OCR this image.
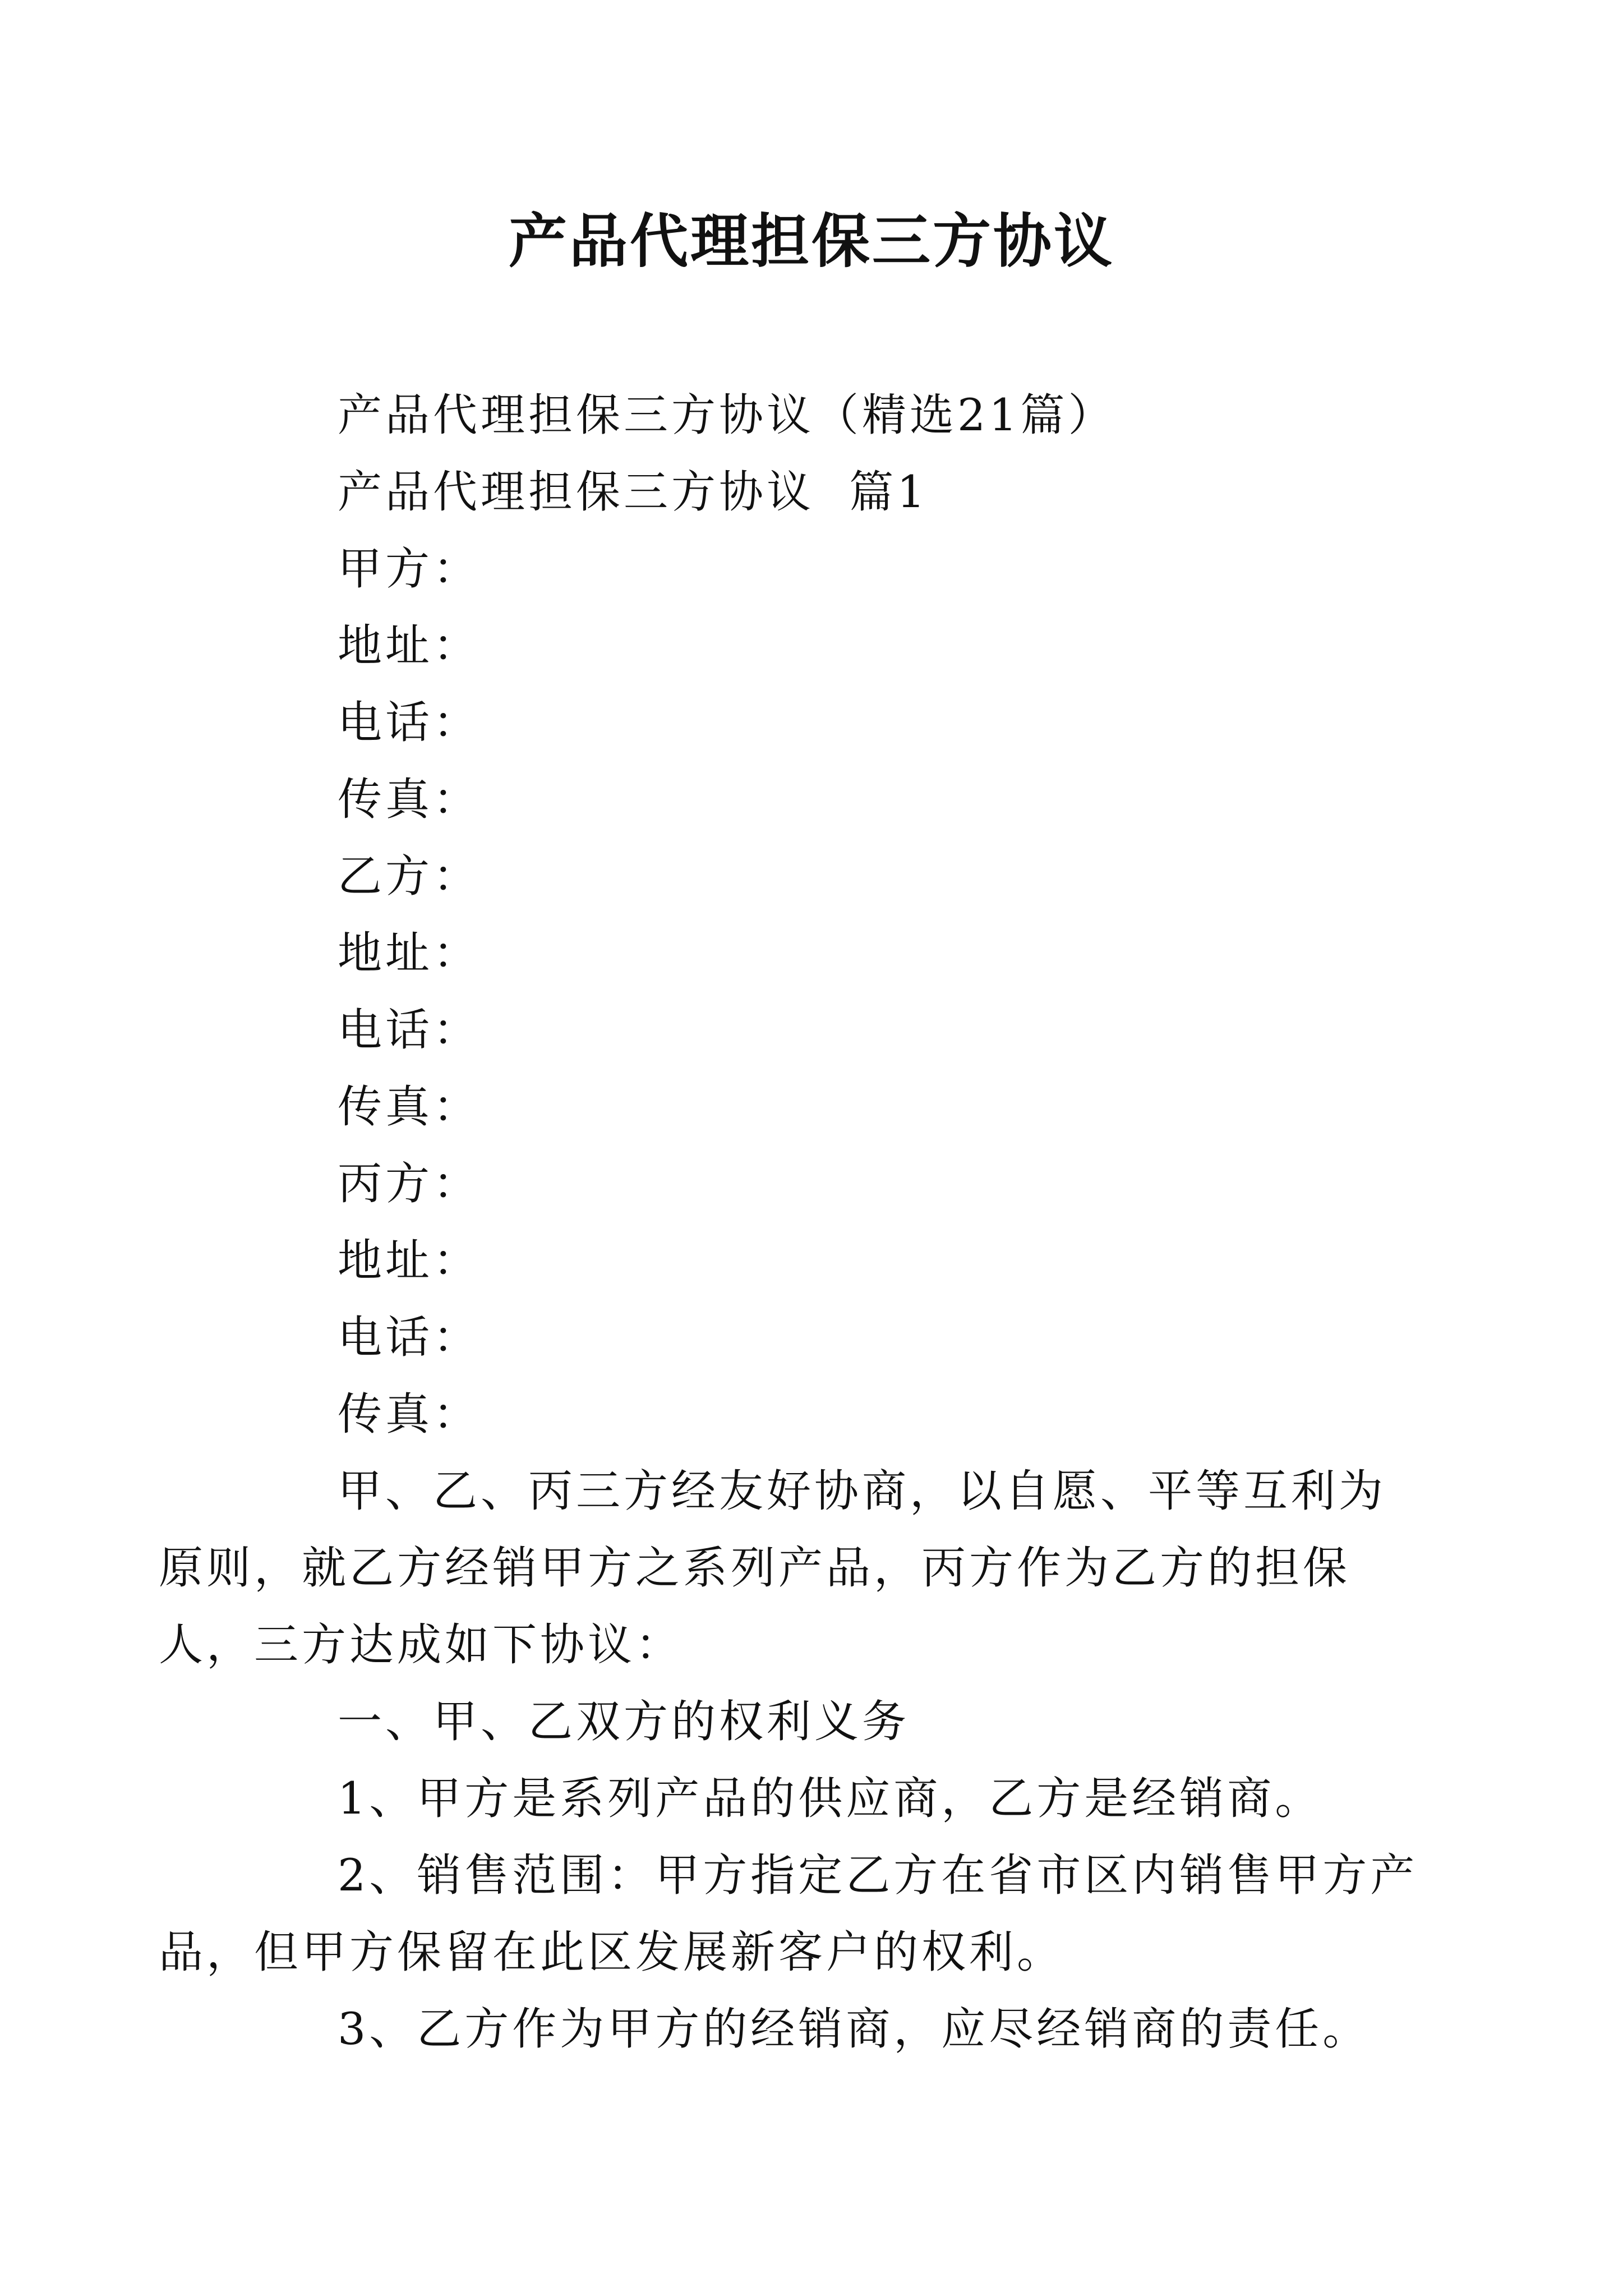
产品代理担保三方协议

产品代理担保三方协议（精选21篇）

产品代理担保三方协议  篇1

甲方：

地址：

电话：

传真：

乙方：

地址：

电话：

传真：

丙方：

地址：

电话：

传真：

甲、乙、丙三方经友好协商，以自愿、平等互利为原则，就乙方经销甲方之系列产品，丙方作为乙方的担保人，三方达成如下协议：

一、甲、乙双方的权利义务

1、甲方是系列产品的供应商，乙方是经销商。

2、销售范围：甲方指定乙方在省市区内销售甲方产品，但甲方保留在此区发展新客户的权利。

3、乙方作为甲方的经销商，应尽经销商的责任。
